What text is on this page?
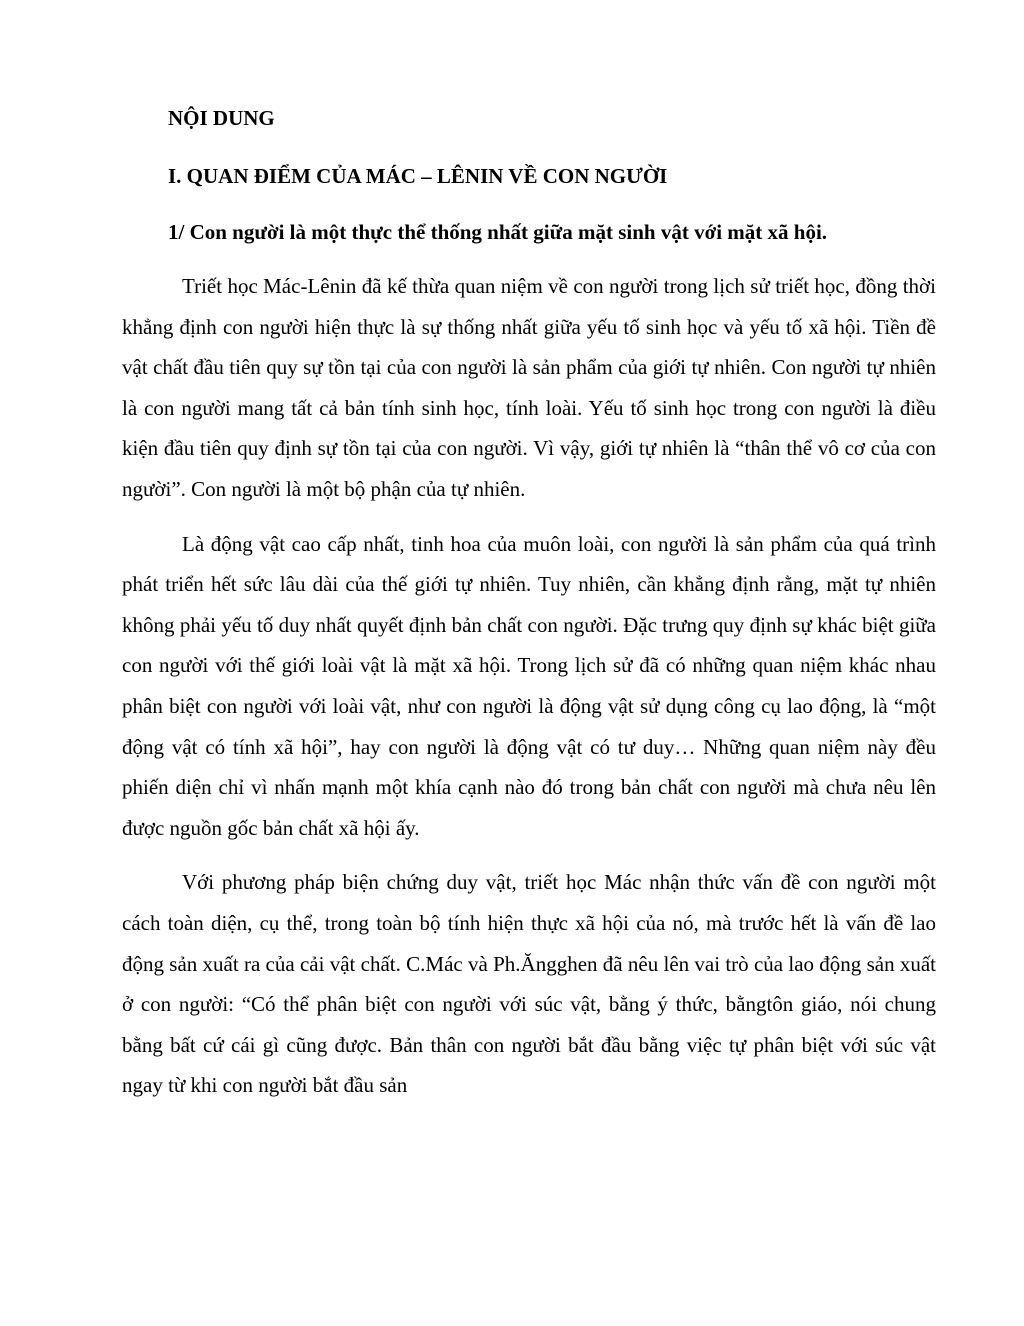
NỘI DUNG

I. QUAN ĐIỂM CỦA MÁC – LÊNIN VỀ CON NGƯỜI

1/ Con người là một thực thể thống nhất giữa mặt sinh vật với mặt xã hội.

Triết học Mác-Lênin đã kế thừa quan niệm về con người trong lịch sử triết học, đồng thời khẳng định con người hiện thực là sự thống nhất giữa yếu tố sinh học và yếu tố xã hội. Tiền đề vật chất đầu tiên quy sự tồn tại của con người là sản phẩm của giới tự nhiên. Con người tự nhiên là con người mang tất cả bản tính sinh học, tính loài. Yếu tố sinh học trong con người là điều kiện đầu tiên quy định sự tồn tại của con người. Vì vậy, giới tự nhiên là “thân thể vô cơ của con người”. Con người là một bộ phận của tự nhiên.

Là động vật cao cấp nhất, tinh hoa của muôn loài, con người là sản phẩm của quá trình phát triển hết sức lâu dài của thế giới tự nhiên. Tuy nhiên, cần khẳng định rằng, mặt tự nhiên không phải yếu tố duy nhất quyết định bản chất con người. Đặc trưng quy định sự khác biệt giữa con người với thế giới loài vật là mặt xã hội. Trong lịch sử đã có những quan niệm khác nhau phân biệt con người với loài vật, như con người là động vật sử dụng công cụ lao động, là “một động vật có tính xã hội”, hay con người là động vật có tư duy… Những quan niệm này đều phiến diện chỉ vì nhấn mạnh một khía cạnh nào đó trong bản chất con người mà chưa nêu lên được nguồn gốc bản chất xã hội ấy.

Với phương pháp biện chứng duy vật, triết học Mác nhận thức vấn đề con người một cách toàn diện, cụ thể, trong toàn bộ tính hiện thực xã hội của nó, mà trước hết là vấn đề lao động sản xuất ra của cải vật chất. C.Mác và Ph.Ăngghen đã nêu lên vai trò của lao động sản xuất ở con người: “Có thể phân biệt con người với súc vật, bằng ý thức, bằngtôn giáo, nói chung bằng bất cứ cái gì cũng được. Bản thân con người bắt đầu bằng việc tự phân biệt với súc vật ngay từ khi con người bắt đầu sản
